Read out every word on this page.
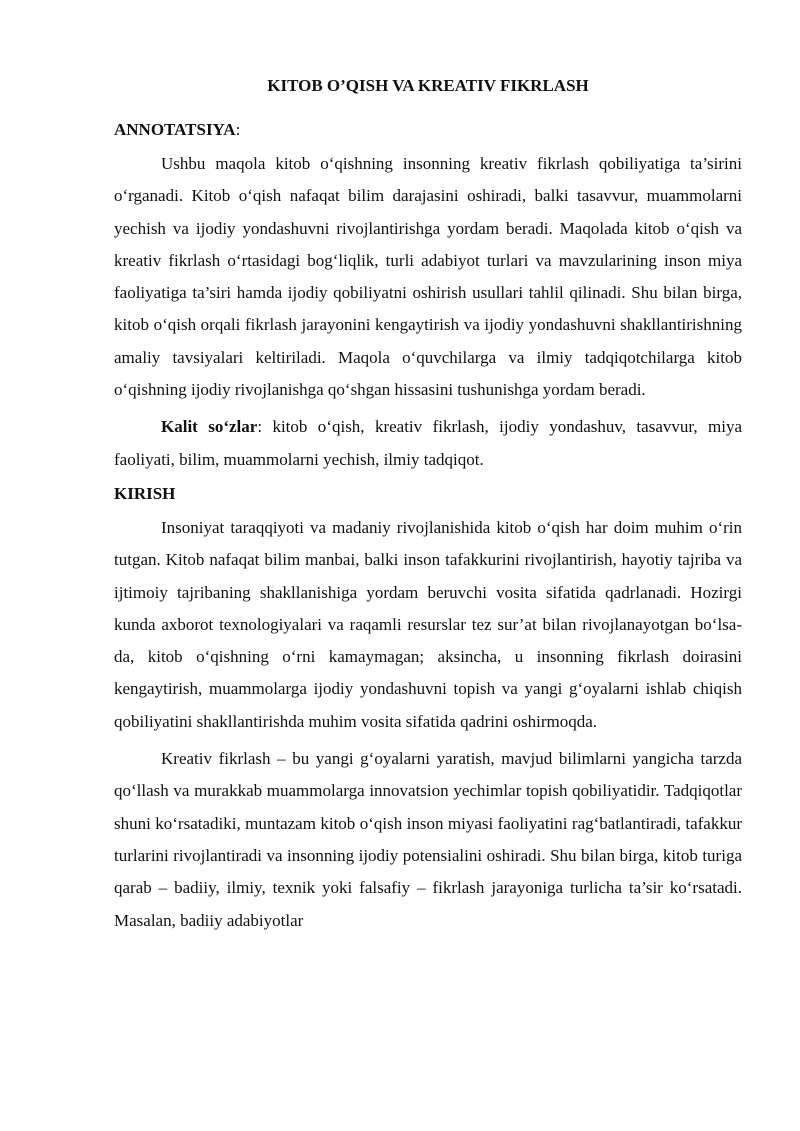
KITOB O’QISH VA KREATIV FIKRLASH
ANNOTATSIYA:

Ushbu maqola kitob o‘qishning insonning kreativ fikrlash qobiliyatiga ta’sirini o‘rganadi. Kitob o‘qish nafaqat bilim darajasini oshiradi, balki tasavvur, muammolarni yechish va ijodiy yondashuvni rivojlantirishga yordam beradi. Maqolada kitob o‘qish va kreativ fikrlash o‘rtasidagi bog‘liqlik, turli adabiyot turlari va mavzularining inson miya faoliyatiga ta’siri hamda ijodiy qobiliyatni oshirish usullari tahlil qilinadi. Shu bilan birga, kitob o‘qish orqali fikrlash jarayonini kengaytirish va ijodiy yondashuvni shakllantirishning amaliy tavsiyalari keltiriladi. Maqola o‘quvchilarga va ilmiy tadqiqotchilarga kitob o‘qishning ijodiy rivojlanishga qo‘shgan hissasini tushunishga yordam beradi.

Kalit so‘zlar: kitob o‘qish, kreativ fikrlash, ijodiy yondashuv, tasavvur, miya faoliyati, bilim, muammolarni yechish, ilmiy tadqiqot.

KIRISH

Insoniyat taraqqiyoti va madaniy rivojlanishida kitob o‘qish har doim muhim o‘rin tutgan. Kitob nafaqat bilim manbai, balki inson tafakkurini rivojlantirish, hayotiy tajriba va ijtimoiy tajribaning shakllanishiga yordam beruvchi vosita sifatida qadrlanadi. Hozirgi kunda axborot texnologiyalari va raqamli resurslar tez sur’at bilan rivojlanayotgan bo‘lsa-da, kitob o‘qishning o‘rni kamaymagan; aksincha, u insonning fikrlash doirasini kengaytirish, muammolarga ijodiy yondashuvni topish va yangi g‘oyalarni ishlab chiqish qobiliyatini shakllantirishda muhim vosita sifatida qadrini oshirmoqda.

Kreativ fikrlash – bu yangi g‘oyalarni yaratish, mavjud bilimlarni yangicha tarzda qo‘llash va murakkab muammolarga innovatsion yechimlar topish qobiliyatidir. Tadqiqotlar shuni ko‘rsatadiki, muntazam kitob o‘qish inson miyasi faoliyatini rag‘batlantiradi, tafakkur turlarini rivojlantiradi va insonning ijodiy potensialini oshiradi. Shu bilan birga, kitob turiga qarab – badiiy, ilmiy, texnik yoki falsafiy – fikrlash jarayoniga turlicha ta’sir ko‘rsatadi. Masalan, badiiy adabiyotlar
